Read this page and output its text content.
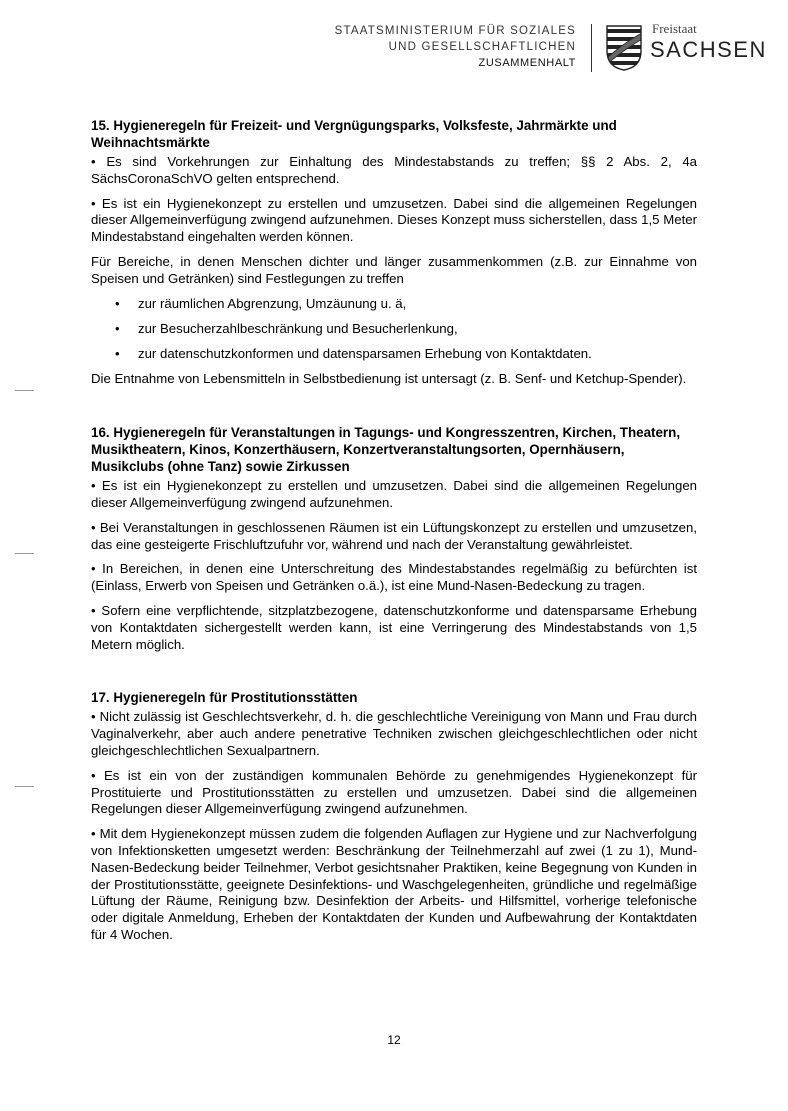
STAATSMINISTERIUM FÜR SOZIALES
UND GESELLSCHAFTLICHEN
ZUSAMMENHALT
Freistaat
SACHSEN
15. Hygieneregeln für Freizeit- und Vergnügungsparks, Volksfeste, Jahrmärkte und Weihnachtsmärkte

• Es sind Vorkehrungen zur Einhaltung des Mindestabstands zu treffen; §§ 2 Abs. 2, 4a SächsCoronaSchVO gelten entsprechend.

• Es ist ein Hygienekonzept zu erstellen und umzusetzen. Dabei sind die allgemeinen Regelungen dieser Allgemeinverfügung zwingend aufzunehmen. Dieses Konzept muss sicherstellen, dass 1,5 Meter Mindestabstand eingehalten werden können.

Für Bereiche, in denen Menschen dichter und länger zusammenkommen (z.B. zur Einnahme von Speisen und Getränken) sind Festlegungen zu treffen

• zur räumlichen Abgrenzung, Umzäunung u. ä,
• zur Besucherzahlbeschränkung und Besucherlenkung,
• zur datenschutzkonformen und datensparsamen Erhebung von Kontaktdaten.

Die Entnahme von Lebensmitteln in Selbstbedienung ist untersagt (z. B. Senf- und Ketchup-Spender).

16. Hygieneregeln für Veranstaltungen in Tagungs- und Kongresszentren, Kirchen, Theatern, Musiktheatern, Kinos, Konzerthäusern, Konzertveranstaltungsorten, Opernhäusern, Musikclubs (ohne Tanz) sowie Zirkussen

• Es ist ein Hygienekonzept zu erstellen und umzusetzen. Dabei sind die allgemeinen Regelungen dieser Allgemeinverfügung zwingend aufzunehmen.

• Bei Veranstaltungen in geschlossenen Räumen ist ein Lüftungskonzept zu erstellen und umzusetzen, das eine gesteigerte Frischluftzufuhr vor, während und nach der Veranstaltung gewährleistet.

• In Bereichen, in denen eine Unterschreitung des Mindestabstandes regelmäßig zu befürchten ist (Einlass, Erwerb von Speisen und Getränken o.ä.), ist eine Mund-Nasen-Bedeckung zu tragen.

• Sofern eine verpflichtende, sitzplatzbezogene, datenschutzkonforme und datensparsame Erhebung von Kontaktdaten sichergestellt werden kann, ist eine Verringerung des Mindestabstands von 1,5 Metern möglich.

17. Hygieneregeln für Prostitutionsstätten

• Nicht zulässig ist Geschlechtsverkehr, d. h. die geschlechtliche Vereinigung von Mann und Frau durch Vaginalverkehr, aber auch andere penetrative Techniken zwischen gleichgeschlechtlichen oder nicht gleichgeschlechtlichen Sexualpartnern.

• Es ist ein von der zuständigen kommunalen Behörde zu genehmigendes Hygienekonzept für Prostituierte und Prostitutionsstätten zu erstellen und umzusetzen. Dabei sind die allgemeinen Regelungen dieser Allgemeinverfügung zwingend aufzunehmen.

• Mit dem Hygienekonzept müssen zudem die folgenden Auflagen zur Hygiene und zur Nachverfolgung von Infektionsketten umgesetzt werden: Beschränkung der Teilnehmerzahl auf zwei (1 zu 1), Mund-Nasen-Bedeckung beider Teilnehmer, Verbot gesichtsnaher Praktiken, keine Begegnung von Kunden in der Prostitutionsstätte, geeignete Desinfektions- und Waschgelegenheiten, gründliche und regelmäßige Lüftung der Räume, Reinigung bzw. Desinfektion der Arbeits- und Hilfsmittel, vorherige telefonische oder digitale Anmeldung, Erheben der Kontaktdaten der Kunden und Aufbewahrung der Kontaktdaten für 4 Wochen.

12
